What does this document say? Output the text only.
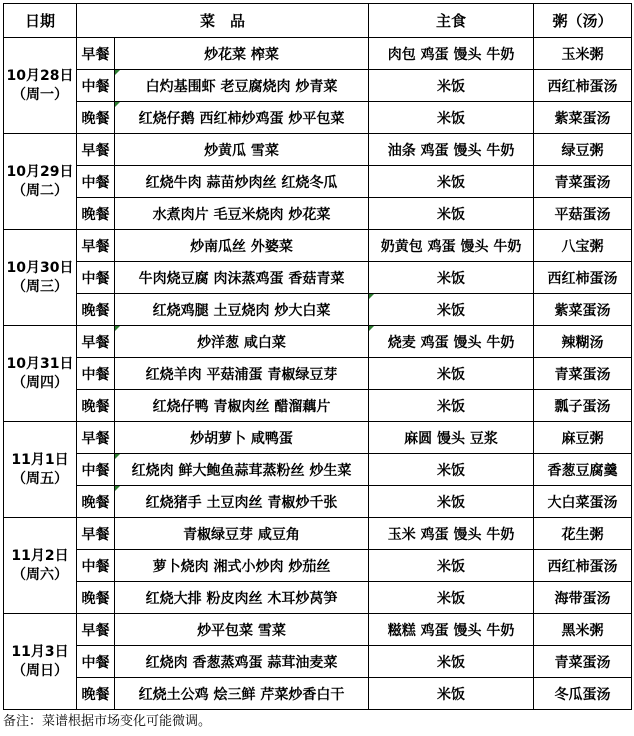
日期	菜　品		主食	粥（汤）

10月28日
（周一）	早餐	炒花菜 榨菜	肉包 鸡蛋 馒头 牛奶	玉米粥
	中餐	白灼基围虾 老豆腐烧肉 炒青菜	米饭	西红柿蛋汤
	晚餐	红烧仔鹅 西红柿炒鸡蛋 炒平包菜	米饭	紫菜蛋汤

10月29日
（周二）	早餐	炒黄瓜 雪菜	油条 鸡蛋 馒头 牛奶	绿豆粥
	中餐	红烧牛肉 蒜苗炒肉丝 红烧冬瓜	米饭	青菜蛋汤
	晚餐	水煮肉片 毛豆米烧肉 炒花菜	米饭	平菇蛋汤

10月30日
（周三）	早餐	炒南瓜丝 外婆菜	奶黄包 鸡蛋 馒头 牛奶	八宝粥
	中餐	牛肉烧豆腐 肉沫蒸鸡蛋 香菇青菜	米饭	西红柿蛋汤
	晚餐	红烧鸡腿 土豆烧肉 炒大白菜	米饭	紫菜蛋汤

10月31日
（周四）	早餐	炒洋葱 咸白菜	烧麦 鸡蛋 馒头 牛奶	辣糊汤
	中餐	红烧羊肉 平菇浦蛋 青椒绿豆芽	米饭	青菜蛋汤
	晚餐	红烧仔鸭 青椒肉丝 醋溜藕片	米饭	瓢子蛋汤

11月1日
（周五）	早餐	炒胡萝卜 咸鸭蛋	麻圆 馒头 豆浆	麻豆粥
	中餐	红烧肉 鲜大鲍鱼蒜茸蒸粉丝 炒生菜	米饭	香葱豆腐羹
	晚餐	红烧猪手 土豆肉丝 青椒炒千张	米饭	大白菜蛋汤

11月2日
（周六）	早餐	青椒绿豆芽 咸豆角	玉米 鸡蛋 馒头 牛奶	花生粥
	中餐	萝卜烧肉 湘式小炒肉 炒茄丝	米饭	西红柿蛋汤
	晚餐	红烧大排 粉皮肉丝 木耳炒莴笋	米饭	海带蛋汤

11月3日
（周日）	早餐	炒平包菜 雪菜	糍糕 鸡蛋 馒头 牛奶	黑米粥
	中餐	红烧肉 香葱蒸鸡蛋 蒜茸油麦菜	米饭	青菜蛋汤
	晚餐	红烧土公鸡 烩三鲜 芹菜炒香白干	米饭	冬瓜蛋汤
备注：菜谱根据市场变化可能微调。
